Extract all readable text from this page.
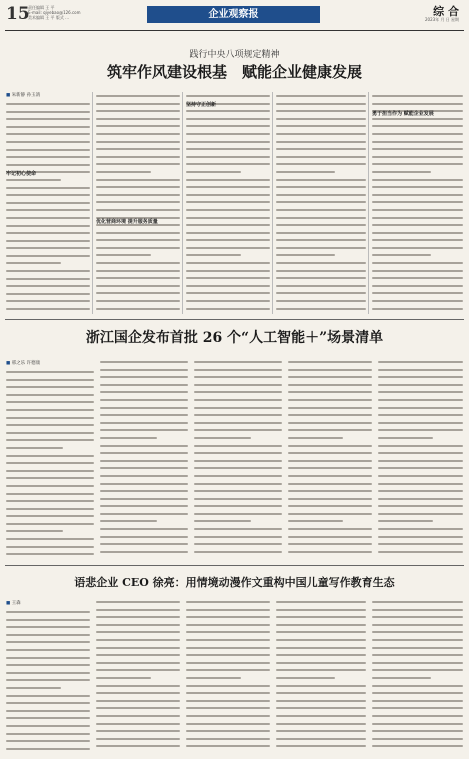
15
责任编辑 王 平
E-mail: qiyebao@126.com
美术编辑 王 平 版式 …	企业观察报	综 合
2023年 月 日 星期
践行中央八项规定精神
筑牢作风建设根基　赋能企业健康发展
■ 朱新静 孙玉鸽
牢记初心使命
优化营商环境 提升服务质量
坚持守正创新
勇于担当作为 赋能企业发展
浙江国企发布首批 26 个“人工智能＋”场景清单
■ 邢之乐 许德康
语悲企业 CEO 徐亮：用情境动漫作文重构中国儿童写作教育生态
■ 王森
